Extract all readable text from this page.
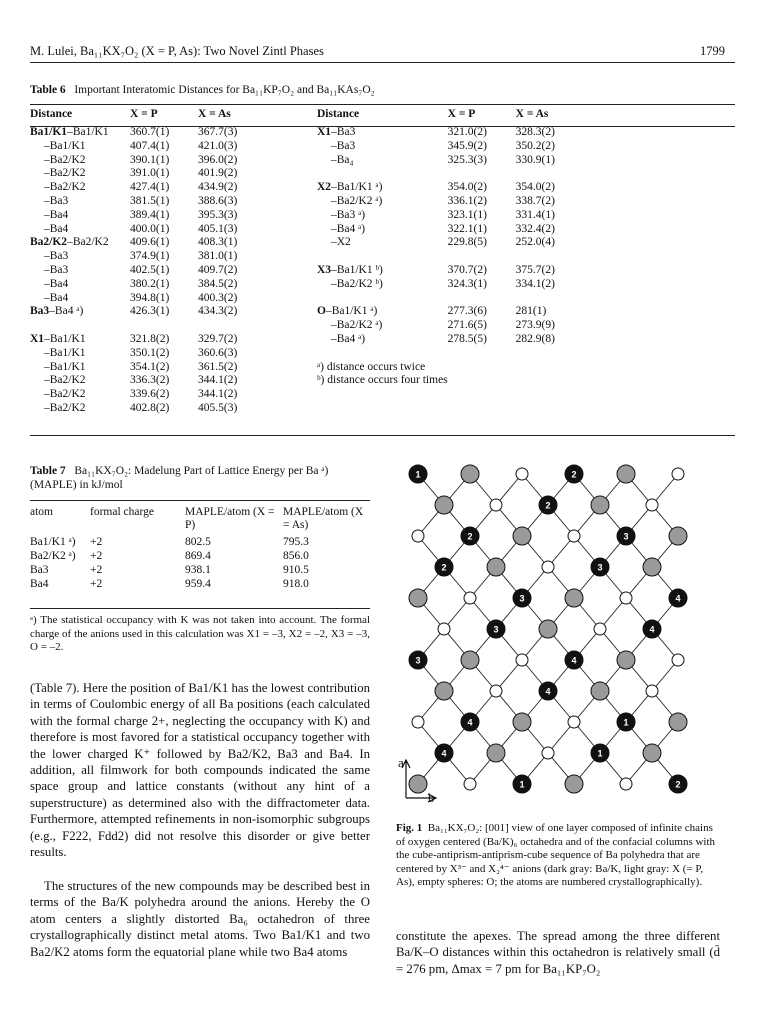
M. Lulei, Ba₁₁KX₇O₂ (X = P, As): Two Novel Zintl Phases	1799
Table 6 Important Interatomic Distances for Ba₁₁KP₇O₂ and Ba₁₁KAs₇O₂
Distance	X = P	X = As
Ba1/K1–Ba1/K1	360.7(1)	367.7(3)
–Ba1/K1	407.4(1)	421.0(3)
–Ba2/K2	390.1(1)	396.0(2)
–Ba2/K2	391.0(1)	401.9(2)
–Ba2/K2	427.4(1)	434.9(2)
–Ba3	381.5(1)	388.6(3)
–Ba4	389.4(1)	395.3(3)
–Ba4	400.0(1)	405.1(3)
Ba2/K2–Ba2/K2	409.6(1)	408.3(1)
–Ba3	374.9(1)	381.0(1)
–Ba3	402.5(1)	409.7(2)
–Ba4	380.2(1)	384.5(2)
–Ba4	394.8(1)	400.3(2)
Ba3–Ba4 ᵃ)	426.3(1)	434.3(2)

X1–Ba1/K1	321.8(2)	329.7(2)
–Ba1/K1	350.1(2)	360.6(3)
–Ba1/K1	354.1(2)	361.5(2)
–Ba2/K2	336.3(2)	344.1(2)
–Ba2/K2	339.6(2)	344.1(2)
–Ba2/K2	402.8(2)	405.5(3)
Distance	X = P	X = As
X1–Ba3	321.0(2)	328.3(2)
–Ba3	345.9(2)	350.2(2)
–Ba₄	325.3(3)	330.9(1)

X2–Ba1/K1 ᵃ)	354.0(2)	354.0(2)
–Ba2/K2 ᵃ)	336.1(2)	338.7(2)
–Ba3 ᵃ)	323.1(1)	331.4(1)
–Ba4 ᵃ)	322.1(1)	332.4(2)
–X2	229.8(5)	252.0(4)

X3–Ba1/K1 ᵇ)	370.7(2)	375.7(2)
–Ba2/K2 ᵇ)	324.3(1)	334.1(2)

O–Ba1/K1 ᵃ)	277.3(6)	281(1)
–Ba2/K2 ᵃ)	271.6(5)	273.9(9)
–Ba4 ᵃ)	278.5(5)	282.9(8)

ᵃ) distance occurs twice		
ᵇ) distance occurs four times		
Table 7 Ba₁₁KX₇O₂: Madelung Part of Lattice Energy per Ba ᵃ) (MAPLE) in kJ/mol
atom	formal charge	MAPLE/atom (X = P)	MAPLE/atom (X = As)
Ba1/K1 ᵃ)	+2	802.5	795.3
Ba2/K2 ᵃ)	+2	869.4	856.0
Ba3	+2	938.1	910.5
Ba4	+2	959.4	918.0
ᵃ) The statistical occupancy with K was not taken into account. The formal charge of the anions used in this calculation was X1 = –3, X2 = –2, X3 = –3, O = –2.
(Table 7). Here the position of Ba1/K1 has the lowest contribution in terms of Coulombic energy of all Ba positions (each calculated with the formal charge 2+, neglecting the occupancy with K) and therefore is most favored for a statistical occupancy together with the lower charged K⁺ followed by Ba2/K2, Ba3 and Ba4. In addition, all filmwork for both compounds indicated the same space group and lattice constants (without any hint of a superstructure) as determined also with the diffractometer data. Furthermore, attempted refinements in non-isomorphic subgroups (e.g., F222, Fdd2) did not resolve this disorder or give better results.
The structures of the new compounds may be described best in terms of the Ba/K polyhedra around the anions. Hereby the O atom centers a slightly distorted Ba₆ octahedron of three crystallographically distinct metal atoms. Two Ba1/K1 and two Ba2/K2 atoms form the equatorial plane while two Ba4 atoms
constitute the apexes. The spread among the three different Ba/K–O distances within this octahedron is relatively small (d̄ = 276 pm, Δmax = 7 pm for Ba₁₁KP₇O₂
1	2
2
2	3
2	3
3	4
3	4
3	4
4
4	1
4	1
1	2
a
b
Fig. 1 Ba₁₁KX₇O₂: [001] view of one layer composed of infinite chains of oxygen centered (Ba/K)₆ octahedra and of the confacial columns with the cube-antiprism-antiprism-cube sequence of Ba polyhedra that are centered by X³⁻ and X₂⁴⁻ anions (dark gray: Ba/K, light gray: X (= P, As), empty spheres: O; the atoms are numbered crystallographically).
